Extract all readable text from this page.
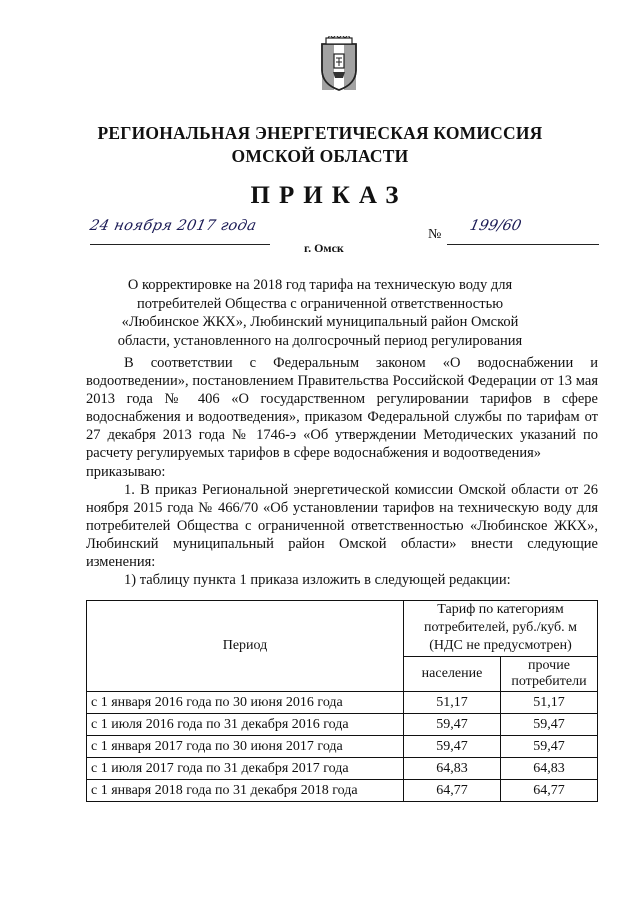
РЕГИОНАЛЬНАЯ ЭНЕРГЕТИЧЕСКАЯ КОМИССИЯ
ОМСКОЙ ОБЛАСТИ
ПРИКАЗ
24 ноября 2017 года
г. Омск
№
199/60
О корректировке на 2018 год тарифа на техническую воду для
потребителей Общества с ограниченной ответственностью
«Любинское ЖКХ», Любинский муниципальный район Омской
области, установленного на долгосрочный период регулирования

В соответствии с Федеральным законом «О водоснабжении и водоотведении», постановлением Правительства Российской Федерации от 13 мая 2013 года № 406 «О государственном регулировании тарифов в сфере водоснабжения и водоотведения», приказом Федеральной службы по тарифам от 27 декабря 2013 года № 1746-э «Об утверждении Методических указаний по расчету регулируемых тарифов в сфере водоснабжения и водоотведения»

приказываю:

1. В приказ Региональной энергетической комиссии Омской области от 26 ноября 2015 года № 466/70 «Об установлении тарифов на техническую воду для потребителей Общества с ограниченной ответственностью «Любинское ЖКХ», Любинский муниципальный район Омской области» внести следующие изменения:

1) таблицу пункта 1 приказа изложить в следующей редакции:

Период	Тариф по категориям потребителей, руб./куб. м (НДС не предусмотрен)	
	население	прочие потребители
с 1 января 2016 года по 30 июня 2016 года	51,17	51,17
с 1 июля 2016 года по 31 декабря 2016 года	59,47	59,47
с 1 января 2017 года по 30 июня 2017 года	59,47	59,47
с 1 июля 2017 года по 31 декабря 2017 года	64,83	64,83
с 1 января 2018 года по 31 декабря 2018 года	64,77	64,77
